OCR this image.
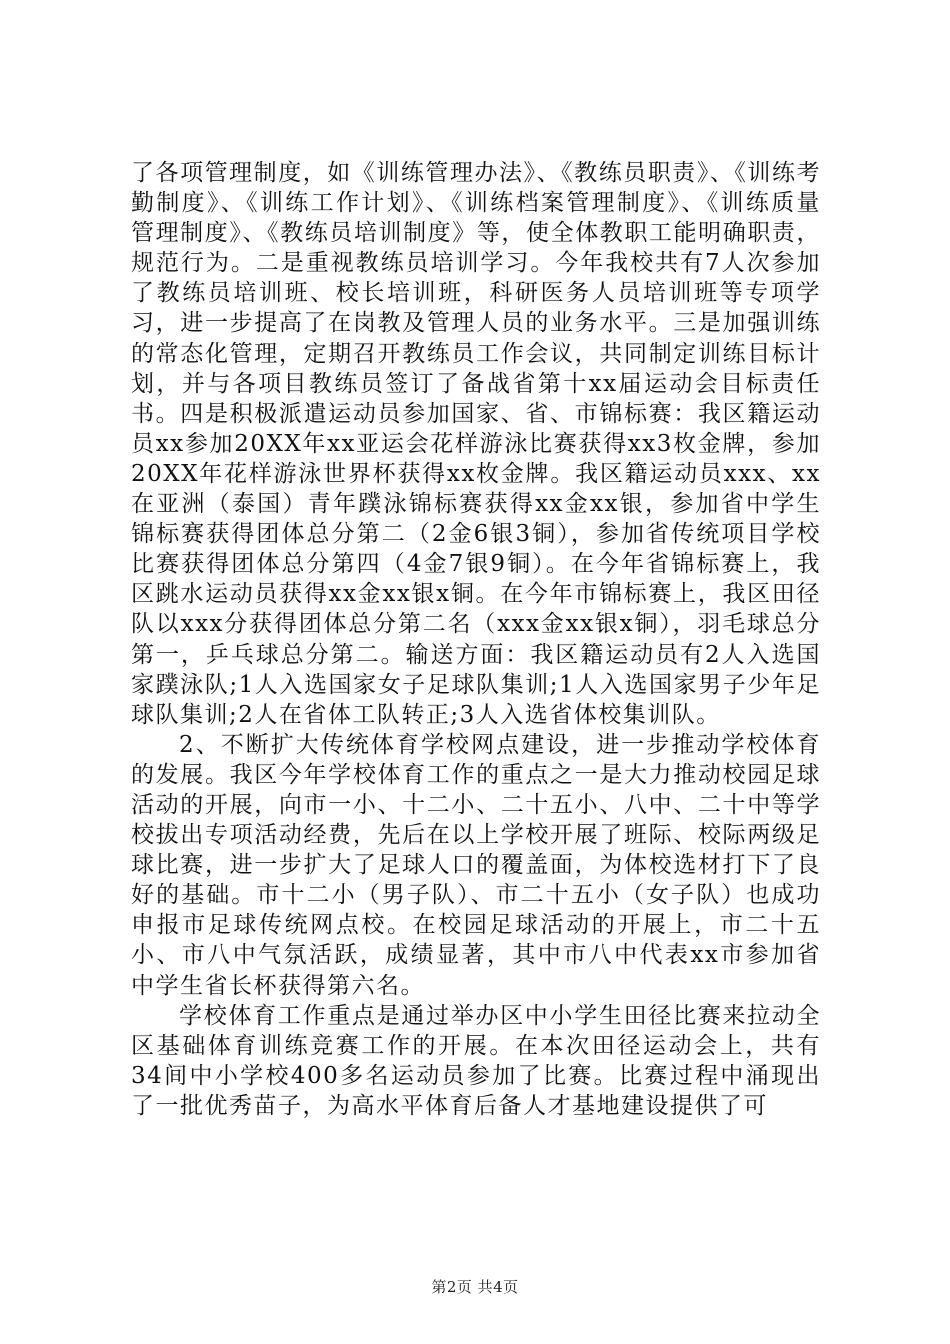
了各项管理制度，如《训练管理办法》、《教练员职责》、《训练考勤制度》、《训练工作计划》、《训练档案管理制度》、《训练质量管理制度》、《教练员培训制度》等，使全体教职工能明确职责，规范行为。二是重视教练员培训学习。今年我校共有7人次参加了教练员培训班、校长培训班，科研医务人员培训班等专项学习，进一步提高了在岗教及管理人员的业务水平。三是加强训练的常态化管理，定期召开教练员工作会议，共同制定训练目标计划，并与各项目教练员签订了备战省第十xx届运动会目标责任书。四是积极派遣运动员参加国家、省、市锦标赛：我区籍运动员xx参加20XX年xx亚运会花样游泳比赛获得xx3枚金牌，参加20XX年花样游泳世界杯获得xx枚金牌。我区籍运动员xxx、xx在亚洲（泰国）青年蹼泳锦标赛获得xx金xx银，参加省中学生锦标赛获得团体总分第二（2金6银3铜），参加省传统项目学校比赛获得团体总分第四（4金7银9铜）。在今年省锦标赛上，我区跳水运动员获得xx金xx银x铜。在今年市锦标赛上，我区田径队以xxx分获得团体总分第二名（xxx金xx银x铜），羽毛球总分第一，乒乓球总分第二。输送方面：我区籍运动员有2人入选国家蹼泳队;1人入选国家女子足球队集训;1人入选国家男子少年足球队集训;2人在省体工队转正;3人入选省体校集训队。

2、不断扩大传统体育学校网点建设，进一步推动学校体育的发展。我区今年学校体育工作的重点之一是大力推动校园足球活动的开展，向市一小、十二小、二十五小、八中、二十中等学校拔出专项活动经费，先后在以上学校开展了班际、校际两级足球比赛，进一步扩大了足球人口的覆盖面，为体校选材打下了良好的基础。市十二小（男子队）、市二十五小（女子队）也成功申报市足球传统网点校。在校园足球活动的开展上，市二十五小、市八中气氛活跃，成绩显著，其中市八中代表xx市参加省中学生省长杯获得第六名。

学校体育工作重点是通过举办区中小学生田径比赛来拉动全区基础体育训练竞赛工作的开展。在本次田径运动会上，共有34间中小学校400多名运动员参加了比赛。比赛过程中涌现出了一批优秀苗子，为高水平体育后备人才基地建设提供了可

第2页 共4页
